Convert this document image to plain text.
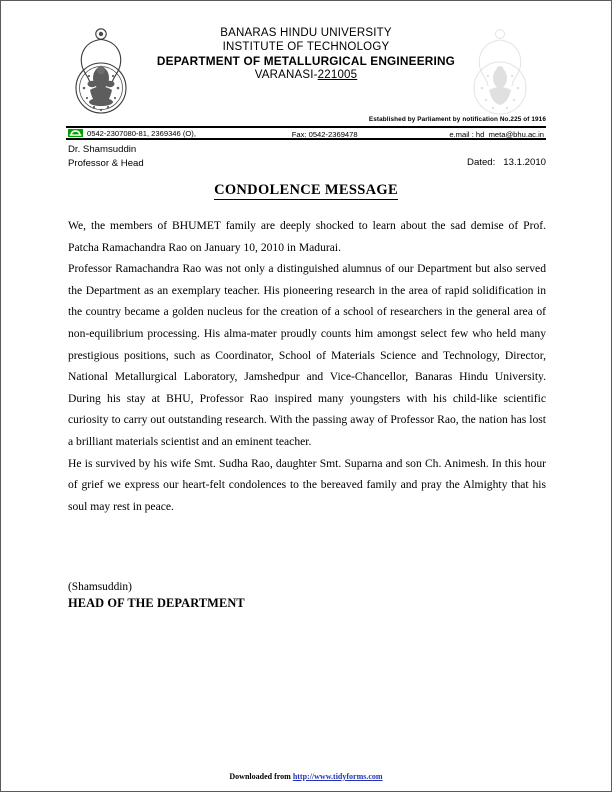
BANARAS HINDU UNIVERSITY
INSTITUTE OF TECHNOLOGY
DEPARTMENT OF METALLURGICAL ENGINEERING
VARANASI-221005
Established by Parliament by notification No.225 of 1916
0542-2307080-81, 2369346 (O),	Fax: 0542-2369478	e.mail : hd_meta@bhu.ac.in
Dr. Shamsuddin
Professor & Head	Dated:   13.1.2010
CONDOLENCE MESSAGE

We, the members of BHUMET family are deeply shocked to learn about the sad demise of Prof. Patcha Ramachandra Rao on January 10, 2010 in Madurai.

Professor Ramachandra Rao was not only a distinguished alumnus of our Department but also served the Department as an exemplary teacher. His pioneering research in the area of rapid solidification in the country became a golden nucleus for the creation of a school of researchers in the general area of non-equilibrium processing. His alma-mater proudly counts him amongst select few who held many prestigious positions, such as Coordinator, School of Materials Science and Technology, Director, National Metallurgical Laboratory, Jamshedpur and Vice-Chancellor, Banaras Hindu University. During his stay at BHU, Professor Rao inspired many youngsters with his child-like scientific curiosity to carry out outstanding research. With the passing away of Professor Rao, the nation has lost a brilliant materials scientist and an eminent teacher.

He is survived by his wife Smt. Sudha Rao, daughter Smt. Suparna and son Ch. Animesh. In this hour of grief we express our heart-felt condolences to the bereaved family and pray the Almighty that his soul may rest in peace.

(Shamsuddin)
HEAD OF THE DEPARTMENT
Downloaded from http://www.tidyforms.com
